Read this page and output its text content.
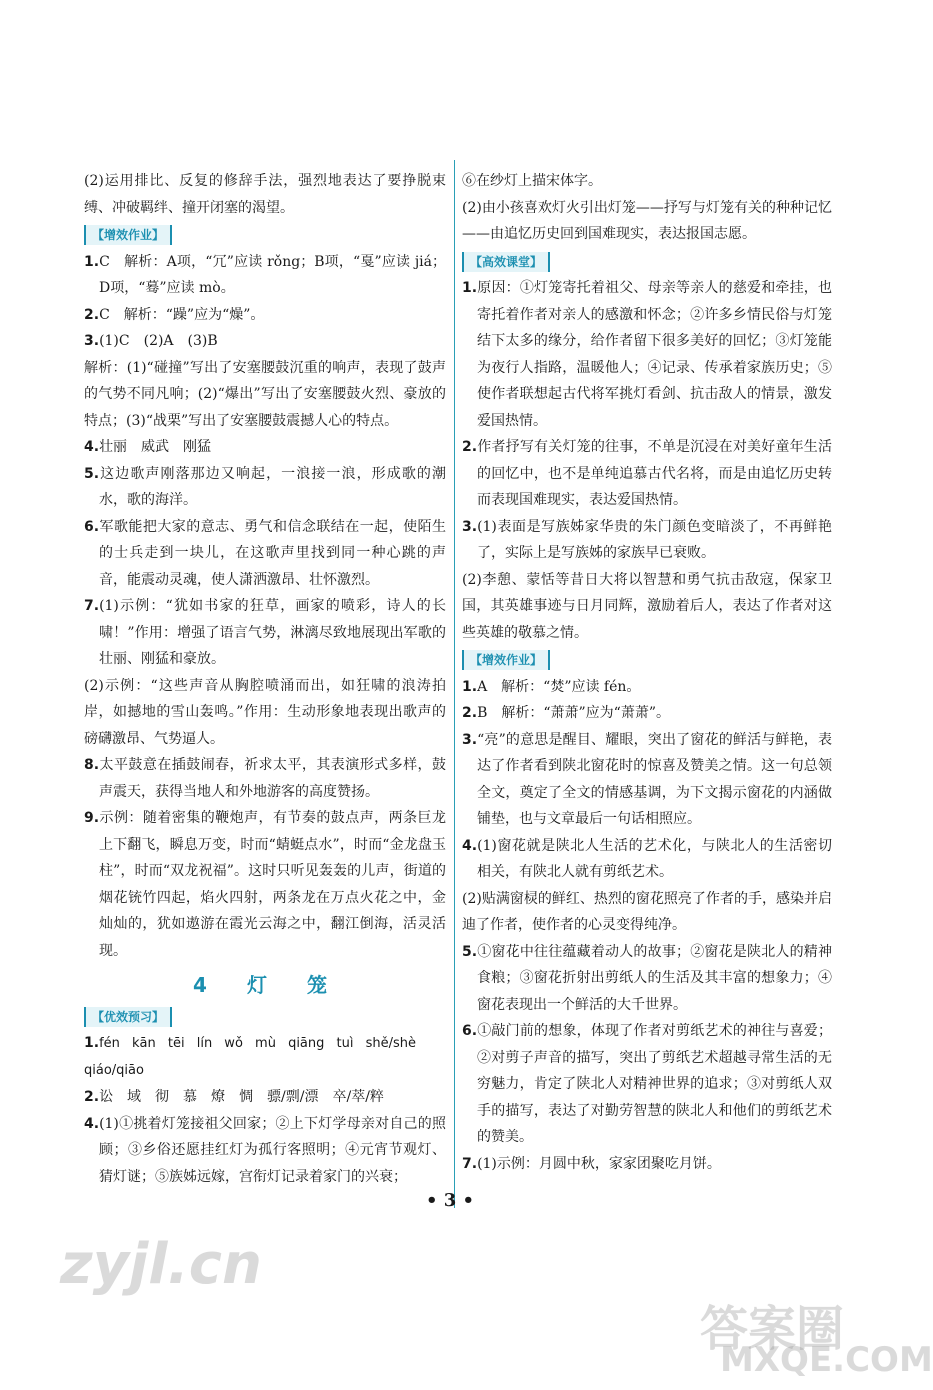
(2)运用排比、反复的修辞手法，强烈地表达了要挣脱束缚、冲破羁绊、撞开闭塞的渴望。

【增效作业】

1.C　解析：A项，“冗”应读 rǒng；B项，“戛”应读 jiá；D项，“蓦”应读 mò。

2.C　解析：“躁”应为“燥”。

3.(1)C　(2)A　(3)B

解析：(1)“碰撞”写出了安塞腰鼓沉重的响声，表现了鼓声的气势不同凡响；(2)“爆出”写出了安塞腰鼓火烈、豪放的特点；(3)“战栗”写出了安塞腰鼓震撼人心的特点。

4.壮丽　威武　刚猛

5.这边歌声刚落那边又响起，一浪接一浪，形成歌的潮水，歌的海洋。

6.军歌能把大家的意志、勇气和信念联结在一起，使陌生的士兵走到一块儿，在这歌声里找到同一种心跳的声音，能震动灵魂，使人潇洒激昂、壮怀激烈。

7.(1)示例：“犹如书家的狂草，画家的喷彩，诗人的长啸！”作用：增强了语言气势，淋漓尽致地展现出军歌的壮丽、刚猛和豪放。

(2)示例：“这些声音从胸腔喷涌而出，如狂啸的浪涛拍岸，如撼地的雪山轰鸣。”作用：生动形象地表现出歌声的磅礴激昂、气势逼人。

8.太平鼓意在插鼓闹春，祈求太平，其表演形式多样，鼓声震天，获得当地人和外地游客的高度赞扬。

9.示例：随着密集的鞭炮声，有节奏的鼓点声，两条巨龙上下翻飞，瞬息万变，时而“蜻蜓点水”，时而“金龙盘玉柱”，时而“双龙祝福”。这时只听见轰轰的儿声，街道的烟花铳竹四起，焰火四射，两条龙在万点火花之中，金灿灿的，犹如遨游在霞光云海之中，翻江倒海，活灵活现。

4　灯　笼
【优效预习】

1.fén kān tēi lín wǒ mù qiāng tuì shě/shè

qiáo/qiāo

2.讼　域　彻　慕　燎　惆　骠/剽/漂　卒/萃/粹

4.(1)①挑着灯笼接祖父回家；②上下灯学母亲对自己的照顾；③乡俗还愿挂红灯为孤行客照明；④元宵节观灯、猜灯谜；⑤族姊远嫁，宫衔灯记录着家门的兴衰；

⑥在纱灯上描宋体字。

(2)由小孩喜欢灯火引出灯笼——抒写与灯笼有关的种种记忆——由追忆历史回到国难现实，表达报国志愿。

【高效课堂】

1.原因：①灯笼寄托着祖父、母亲等亲人的慈爱和牵挂，也寄托着作者对亲人的感激和怀念；②许多乡情民俗与灯笼结下太多的缘分，给作者留下很多美好的回忆；③灯笼能为夜行人指路，温暖他人；④记录、传承着家族历史；⑤使作者联想起古代将军挑灯看剑、抗击敌人的情景，激发爱国热情。

2.作者抒写有关灯笼的往事，不单是沉浸在对美好童年生活的回忆中，也不是单纯追慕古代名将，而是由追忆历史转而表现国难现实，表达爱国热情。

3.(1)表面是写族姊家华贵的朱门颜色变暗淡了，不再鲜艳了，实际上是写族姊的家族早已衰败。

(2)李憩、蒙恬等昔日大将以智慧和勇气抗击敌寇，保家卫国，其英雄事迹与日月同辉，激励着后人，表达了作者对这些英雄的敬慕之情。

【增效作业】

1.A　解析：“焚”应读 fén。

2.B　解析：“萧萧”应为“萧萧”。

3.“亮”的意思是醒目、耀眼，突出了窗花的鲜活与鲜艳，表达了作者看到陕北窗花时的惊喜及赞美之情。这一句总领全文，奠定了全文的情感基调，为下文揭示窗花的内涵做铺垫，也与文章最后一句话相照应。

4.(1)窗花就是陕北人生活的艺术化，与陕北人的生活密切相关，有陕北人就有剪纸艺术。

(2)贴满窗棂的鲜红、热烈的窗花照亮了作者的手，感染并启迪了作者，使作者的心灵变得纯净。

5.①窗花中往往蕴藏着动人的故事；②窗花是陕北人的精神食粮；③窗花折射出剪纸人的生活及其丰富的想象力；④窗花表现出一个鲜活的大千世界。

6.①敲门前的想象，体现了作者对剪纸艺术的神往与喜爱；②对剪子声音的描写，突出了剪纸艺术超越寻常生活的无穷魅力，肯定了陕北人对精神世界的追求；③对剪纸人双手的描写，表达了对勤劳智慧的陕北人和他们的剪纸艺术的赞美。

7.(1)示例：月圆中秋，家家团聚吃月饼。

• 3 •
zyjl.cn
答案圈
MXQE.COM
